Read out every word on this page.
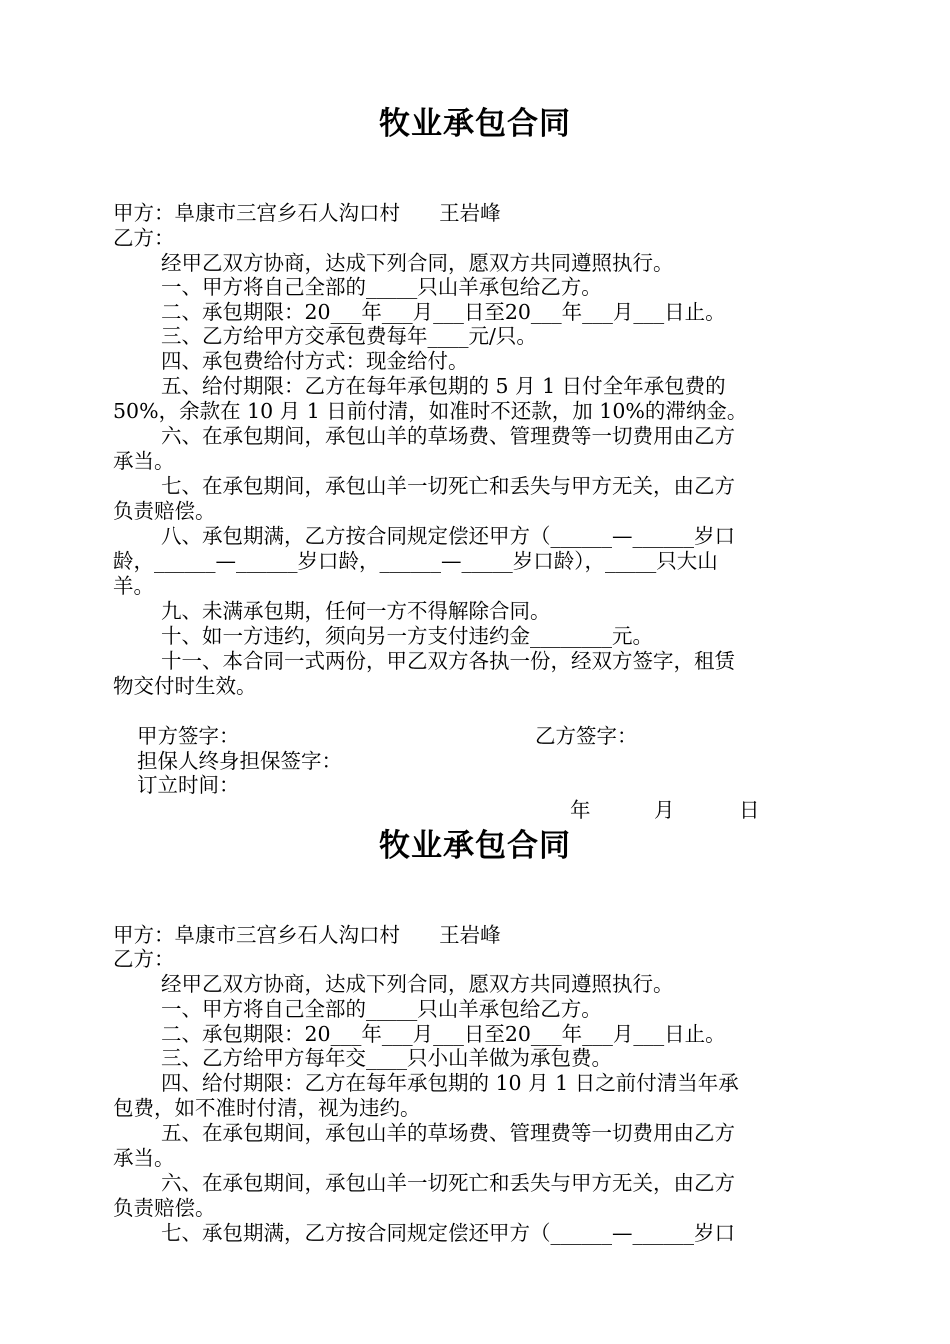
牧业承包合同
甲方：阜康市三宫乡石人沟口村      王岩峰
乙方：
经甲乙双方协商，达成下列合同，愿双方共同遵照执行。
一、甲方将自己全部的_____只山羊承包给乙方。
二、承包期限：20___年___月___日至20___年___月___日止。
三、乙方给甲方交承包费每年____元/只。
四、承包费给付方式：现金给付。
五、给付期限：乙方在每年承包期的 5 月 1 日付全年承包费的
50%，余款在 10 月 1 日前付清，如准时不还款，加 10%的滞纳金。
六、在承包期间，承包山羊的草场费、管理费等一切费用由乙方
承当。
七、在承包期间，承包山羊一切死亡和丢失与甲方无关，由乙方
负责赔偿。
八、承包期满，乙方按合同规定偿还甲方（______—______岁口
龄，______—______岁口龄，______—_____岁口龄），_____只大山
羊。
九、未满承包期，任何一方不得解除合同。
十、如一方违约，须向另一方支付违约金________元。
十一、本合同一式两份，甲乙双方各执一份，经双方签字，租赁
物交付时生效。
甲方签字：	乙方签字：
担保人终身担保签字：
订立时间：
年	月	日
牧业承包合同
甲方：阜康市三宫乡石人沟口村      王岩峰
乙方：
经甲乙双方协商，达成下列合同，愿双方共同遵照执行。
一、甲方将自己全部的_____只山羊承包给乙方。
二、承包期限：20___年___月___日至20___年___月___日止。
三、乙方给甲方每年交____只小山羊做为承包费。
四、给付期限：乙方在每年承包期的 10 月 1 日之前付清当年承
包费，如不准时付清，视为违约。
五、在承包期间，承包山羊的草场费、管理费等一切费用由乙方
承当。
六、在承包期间，承包山羊一切死亡和丢失与甲方无关，由乙方
负责赔偿。
七、承包期满，乙方按合同规定偿还甲方（______—______岁口
